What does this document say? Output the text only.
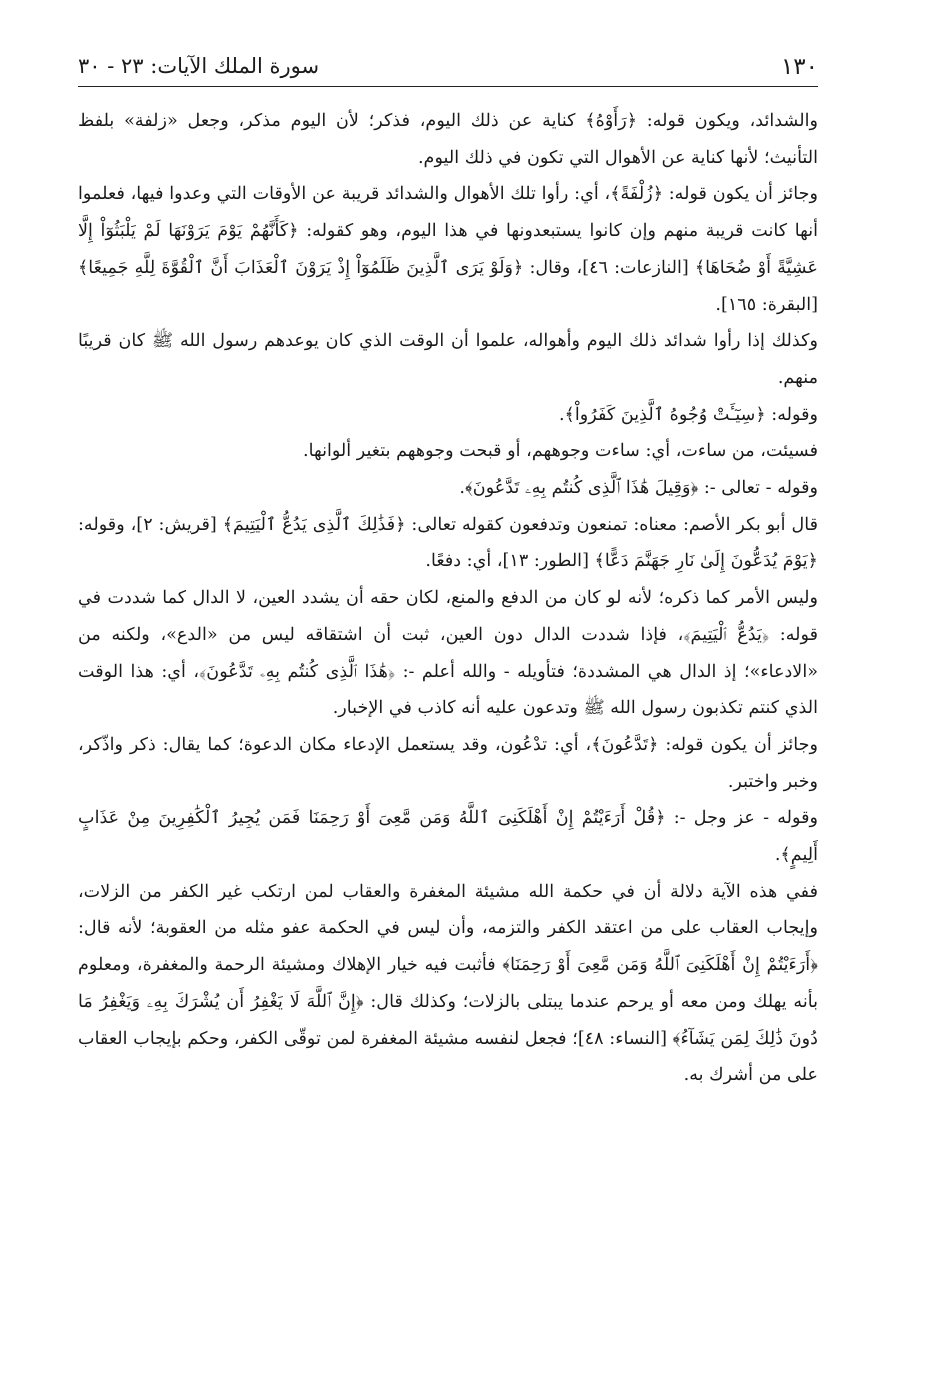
١٣٠
سورة الملك الآيات: ٢٣ - ٣٠

والشدائد، ويكون قوله: ﴿رَأَوْهُ﴾ كناية عن ذلك اليوم، فذكر؛ لأن اليوم مذكر، وجعل «زلفة» بلفظ التأنيث؛ لأنها كناية عن الأهوال التي تكون في ذلك اليوم.

وجائز أن يكون قوله: ﴿زُلْفَةً﴾، أي: رأوا تلك الأهوال والشدائد قريبة عن الأوقات التي وعدوا فيها، فعلموا أنها كانت قريبة منهم وإن كانوا يستبعدونها في هذا اليوم، وهو كقوله: ﴿كَأَنَّهُمْ يَوْمَ يَرَوْنَهَا لَمْ يَلْبَثُوٓاْ إِلَّا عَشِيَّةً أَوْ ضُحَاهَا﴾ [النازعات: ٤٦]، وقال: ﴿وَلَوْ يَرَى ٱلَّذِينَ ظَلَمُوٓاْ إِذْ يَرَوْنَ ٱلْعَذَابَ أَنَّ ٱلْقُوَّةَ لِلَّهِ جَمِيعًا﴾ [البقرة: ١٦٥].

وكذلك إذا رأوا شدائد ذلك اليوم وأهواله، علموا أن الوقت الذي كان يوعدهم رسول الله ﷺ كان قريبًا منهم.

وقوله: ﴿سِيٓـَٔتْ وُجُوهُ ٱلَّذِينَ كَفَرُواْ﴾.

فسيئت، من ساءت، أي: ساءت وجوههم، أو قبحت وجوههم بتغير ألوانها.

وقوله - تعالى -: ﴿وَقِيلَ هَٰذَا ٱلَّذِى كُنتُم بِهِۦ تَدَّعُونَ﴾.

قال أبو بكر الأصم: معناه: تمنعون وتدفعون كقوله تعالى: ﴿فَذَٰلِكَ ٱلَّذِى يَدُعُّ ٱلْيَتِيمَ﴾ [قريش: ٢]، وقوله: ﴿يَوْمَ يُدَعُّونَ إِلَىٰ نَارِ جَهَنَّمَ دَعًّا﴾ [الطور: ١٣]، أي: دفعًا.

وليس الأمر كما ذكره؛ لأنه لو كان من الدفع والمنع، لكان حقه أن يشدد العين، لا الدال كما شددت في قوله: ﴿يَدُعُّ ٱلْيَتِيمَ﴾، فإذا شددت الدال دون العين، ثبت أن اشتقاقه ليس من «الدع»، ولكنه من «الادعاء»؛ إذ الدال هي المشددة؛ فتأويله - والله أعلم -: ﴿هَٰذَا ٱلَّذِى كُنتُم بِهِۦ تَدَّعُونَ﴾، أي: هذا الوقت الذي كنتم تكذبون رسول الله ﷺ وتدعون عليه أنه كاذب في الإخبار.

وجائز أن يكون قوله: ﴿تَدَّعُونَ﴾، أي: تدْعُون، وقد يستعمل الإدعاء مكان الدعوة؛ كما يقال: ذكر واذّكر، وخبر واختبر.

وقوله - عز وجل -: ﴿قُلْ أَرَءَيْتُمْ إِنْ أَهْلَكَنِىَ ٱللَّهُ وَمَن مَّعِىَ أَوْ رَحِمَنَا فَمَن يُجِيرُ ٱلْكَٰفِرِينَ مِنْ عَذَابٍ أَلِيمٍ﴾.

ففي هذه الآية دلالة أن في حكمة الله مشيئة المغفرة والعقاب لمن ارتكب غير الكفر من الزلات، وإيجاب العقاب على من اعتقد الكفر والتزمه، وأن ليس في الحكمة عفو مثله من العقوبة؛ لأنه قال: ﴿أَرَءَيْتُمْ إِنْ أَهْلَكَنِىَ ٱللَّهُ وَمَن مَّعِىَ أَوْ رَحِمَنَا﴾ فأثبت فيه خيار الإهلاك ومشيئة الرحمة والمغفرة، ومعلوم بأنه يهلك ومن معه أو يرحم عندما يبتلى بالزلات؛ وكذلك قال: ﴿إِنَّ ٱللَّهَ لَا يَغْفِرُ أَن يُشْرَكَ بِهِۦ وَيَغْفِرُ مَا دُونَ ذَٰلِكَ لِمَن يَشَآءُ﴾ [النساء: ٤٨]؛ فجعل لنفسه مشيئة المغفرة لمن توقّى الكفر، وحكم بإيجاب العقاب على من أشرك به.
